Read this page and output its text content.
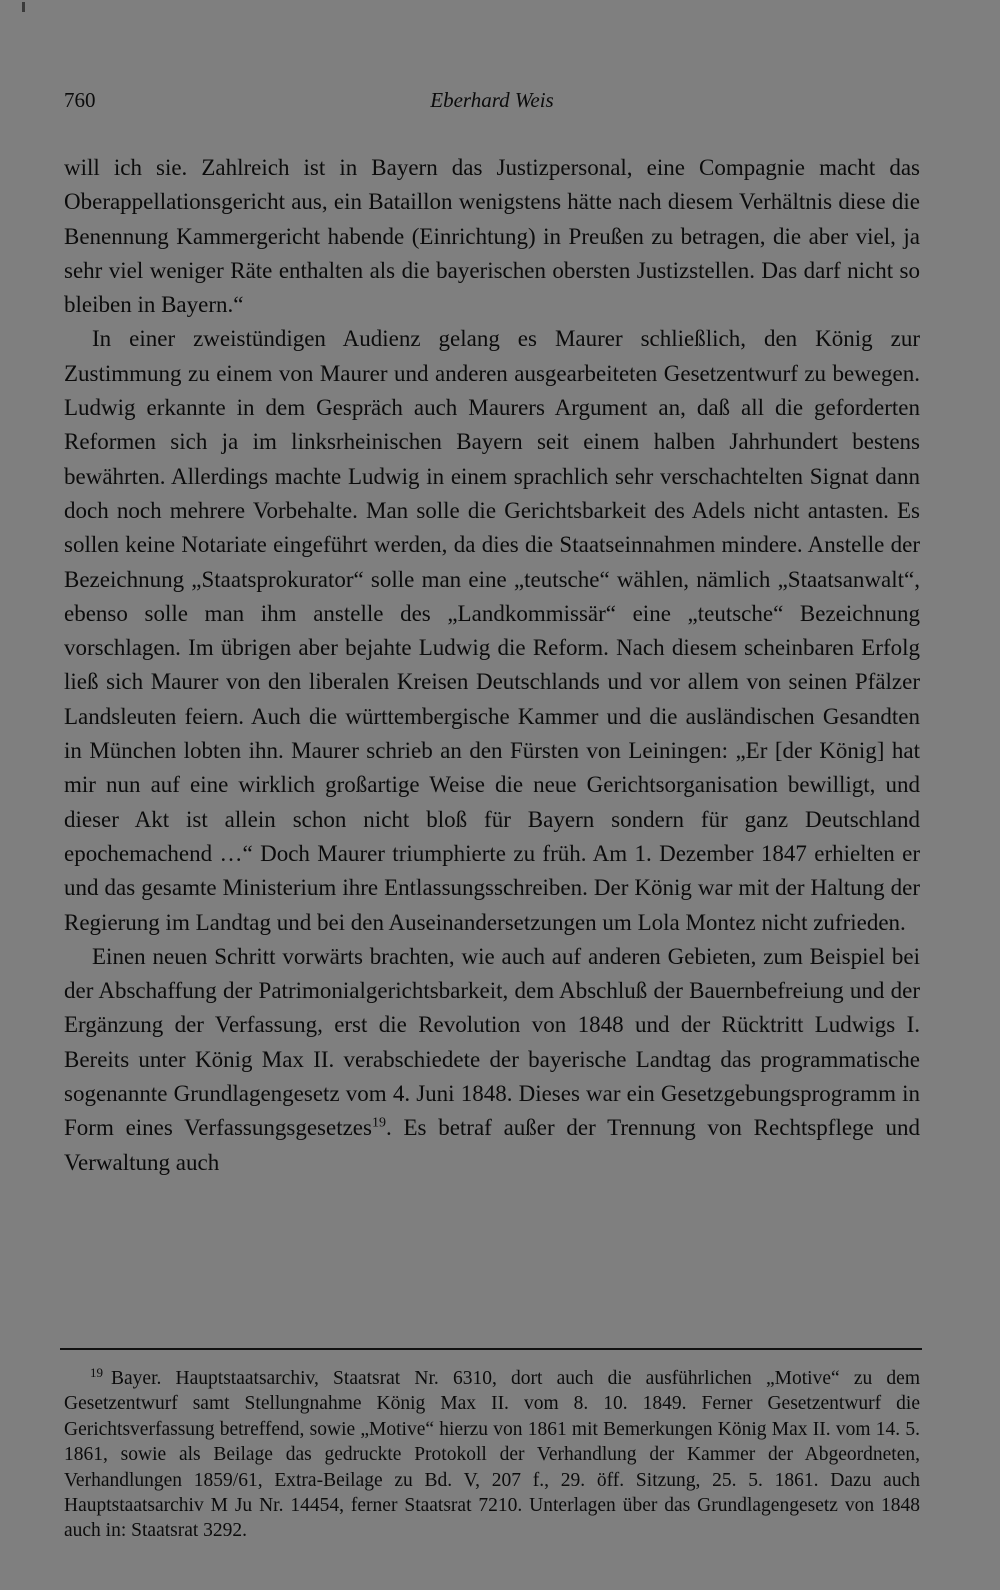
760	Eberhard Weis

will ich sie. Zahlreich ist in Bayern das Justizpersonal, eine Compagnie macht das Oberappellationsgericht aus, ein Bataillon wenigstens hätte nach diesem Verhältnis diese die Benennung Kammergericht habende (Einrichtung) in Preußen zu betragen, die aber viel, ja sehr viel weniger Räte enthalten als die bayerischen obersten Justizstellen. Das darf nicht so bleiben in Bayern.“

In einer zweistündigen Audienz gelang es Maurer schließlich, den König zur Zustimmung zu einem von Maurer und anderen ausgearbeiteten Gesetzentwurf zu bewegen. Ludwig erkannte in dem Gespräch auch Maurers Argument an, daß all die geforderten Reformen sich ja im linksrheinischen Bayern seit einem halben Jahrhundert bestens bewährten. Allerdings machte Ludwig in einem sprachlich sehr verschachtelten Signat dann doch noch mehrere Vorbehalte. Man solle die Gerichtsbarkeit des Adels nicht antasten. Es sollen keine Notariate eingeführt werden, da dies die Staatseinnahmen mindere. Anstelle der Bezeichnung „Staatsprokurator“ solle man eine „teutsche“ wählen, nämlich „Staatsanwalt“, ebenso solle man ihm anstelle des „Landkommissär“ eine „teutsche“ Bezeichnung vorschlagen. Im übrigen aber bejahte Ludwig die Reform. Nach diesem scheinbaren Erfolg ließ sich Maurer von den liberalen Kreisen Deutschlands und vor allem von seinen Pfälzer Landsleuten feiern. Auch die württembergische Kammer und die ausländischen Gesandten in München lobten ihn. Maurer schrieb an den Fürsten von Leiningen: „Er [der König] hat mir nun auf eine wirklich großartige Weise die neue Gerichtsorganisation bewilligt, und dieser Akt ist allein schon nicht bloß für Bayern sondern für ganz Deutschland epochemachend …“ Doch Maurer triumphierte zu früh. Am 1. Dezember 1847 erhielten er und das gesamte Ministerium ihre Entlassungsschreiben. Der König war mit der Haltung der Regierung im Landtag und bei den Auseinandersetzungen um Lola Montez nicht zufrieden.

Einen neuen Schritt vorwärts brachten, wie auch auf anderen Gebieten, zum Beispiel bei der Abschaffung der Patrimonialgerichtsbarkeit, dem Abschluß der Bauernbefreiung und der Ergänzung der Verfassung, erst die Revolution von 1848 und der Rücktritt Ludwigs I. Bereits unter König Max II. verabschiedete der bayerische Landtag das programmatische sogenannte Grundlagengesetz vom 4. Juni 1848. Dieses war ein Gesetzgebungsprogramm in Form eines Verfassungsgesetzes$^{19}$. Es betraf außer der Trennung von Rechtspflege und Verwaltung auch

$^{19}$ Bayer. Hauptstaatsarchiv, Staatsrat Nr. 6310, dort auch die ausführlichen „Motive“ zu dem Gesetzentwurf samt Stellungnahme König Max II. vom 8. 10. 1849. Ferner Gesetzentwurf die Gerichtsverfassung betreffend, sowie „Motive“ hierzu von 1861 mit Bemerkungen König Max II. vom 14. 5. 1861, sowie als Beilage das gedruckte Protokoll der Verhandlung der Kammer der Abgeordneten, Verhandlungen 1859/61, Extra-Beilage zu Bd. V, 207 f., 29. öff. Sitzung, 25. 5. 1861. Dazu auch Hauptstaatsarchiv M Ju Nr. 14454, ferner Staatsrat 7210. Unterlagen über das Grundlagengesetz von 1848 auch in: Staatsrat 3292.
